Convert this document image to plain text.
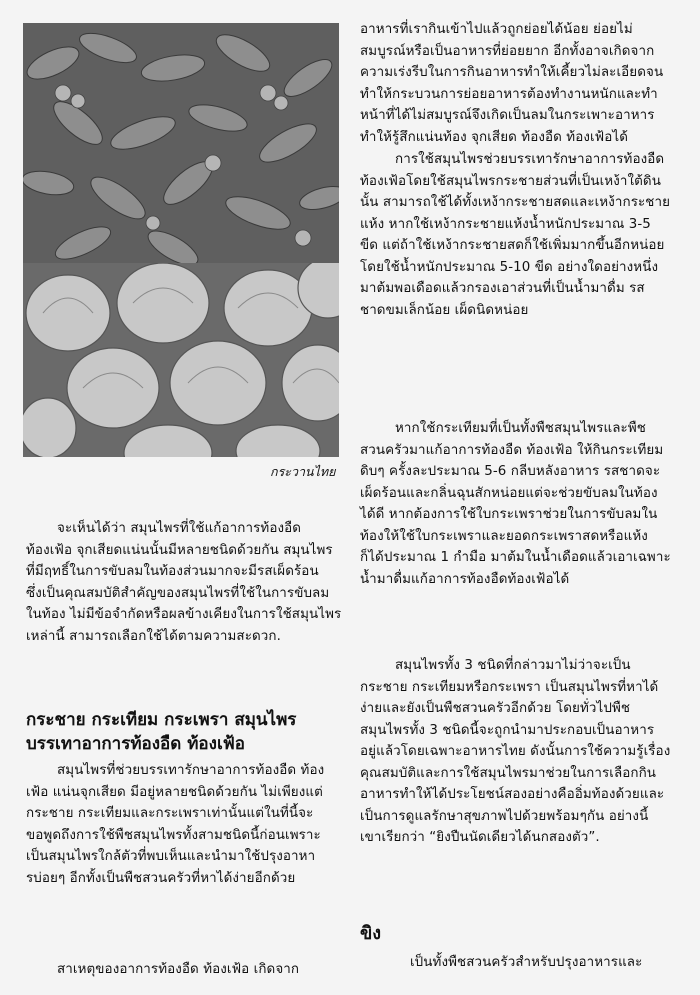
กระวานไทย

จะเห็นได้ว่า สมุนไพรที่ใช้แก้อาการท้องอืด

ท้องเฟ้อ จุกเสียดแน่นนั้นมีหลายชนิดด้วยกัน สมุนไพร

ที่มีฤทธิ์ในการขับลมในท้องส่วนมากจะมีรสเผ็ดร้อน

ซึ่งเป็นคุณสมบัติสำคัญของสมุนไพรที่ใช้ในการขับลม

ในท้อง ไม่มีข้อจำกัดหรือผลข้างเคียงในการใช้สมุนไพร

เหล่านี้ สามารถเลือกใช้ได้ตามความสะดวก.

กระชาย กระเทียม กระเพรา สมุนไพร
บรรเทาอาการท้องอืด ท้องเฟ้อ

สมุนไพรที่ช่วยบรรเทารักษาอาการท้องอืด ท้อง

เฟ้อ แน่นจุกเสียด มีอยู่หลายชนิดด้วยกัน ไม่เพียงแต่

กระชาย กระเทียมและกระเพราเท่านั้นแต่ในที่นี้จะ

ขอพูดถึงการใช้พืชสมุนไพรทั้งสามชนิดนี้ก่อนเพราะ

เป็นสมุนไพรใกล้ตัวที่พบเห็นและนำมาใช้ปรุงอาหา

รบ่อยๆ อีกทั้งเป็นพืชสวนครัวที่หาได้ง่ายอีกด้วย

สาเหตุของอาการท้องอืด ท้องเฟ้อ เกิดจาก

อาหารที่เรากินเข้าไปแล้วถูกย่อยได้น้อย ย่อยไม่

สมบูรณ์หรือเป็นอาหารที่ย่อยยาก อีกทั้งอาจเกิดจาก

ความเร่งรีบในการกินอาหารทำให้เคี้ยวไม่ละเอียดจน

ทำให้กระบวนการย่อยอาหารต้องทำงานหนักและทำ

หน้าที่ได้ไม่สมบูรณ์จึงเกิดเป็นลมในกระเพาะอาหาร

ทำให้รู้สึกแน่นท้อง จุกเสียด ท้องอืด ท้องเฟ้อได้

การใช้สมุนไพรช่วยบรรเทารักษาอาการท้องอืด

ท้องเฟ้อโดยใช้สมุนไพรกระชายส่วนที่เป็นเหง้าใต้ดิน

นั้น สามารถใช้ได้ทั้งเหง้ากระชายสดและเหง้ากระชาย

แห้ง หากใช้เหง้ากระชายแห้งน้ำหนักประมาณ 3-5

ขีด แต่ถ้าใช้เหง้ากระชายสดก็ใช้เพิ่มมากขึ้นอีกหน่อย

โดยใช้น้ำหนักประมาณ 5-10 ขีด อย่างใดอย่างหนึ่ง

มาต้มพอเดือดแล้วกรองเอาส่วนที่เป็นน้ำมาดื่ม รส

ชาดขมเล็กน้อย เผ็ดนิดหน่อย

หากใช้กระเทียมที่เป็นทั้งพืชสมุนไพรและพืช

สวนครัวมาแก้อาการท้องอืด ท้องเฟ้อ ให้กินกระเทียม

ดิบๆ ครั้งละประมาณ 5-6 กลีบหลังอาหาร รสชาดจะ

เผ็ดร้อนและกลิ่นฉุนสักหน่อยแต่จะช่วยขับลมในท้อง

ได้ดี หากต้องการใช้ใบกระเพราช่วยในการขับลมใน

ท้องให้ใช้ใบกระเพราและยอดกระเพราสดหรือแห้ง

ก็ได้ประมาณ 1 กำมือ มาต้มในน้ำเดือดแล้วเอาเฉพาะ

น้ำมาดื่มแก้อาการท้องอืดท้องเฟ้อได้

สมุนไพรทั้ง 3 ชนิดที่กล่าวมาไม่ว่าจะเป็น

กระชาย กระเทียมหรือกระเพรา เป็นสมุนไพรที่หาได้

ง่ายและยังเป็นพืชสวนครัวอีกด้วย โดยทั่วไปพืช

สมุนไพรทั้ง 3 ชนิดนี้จะถูกนำมาประกอบเป็นอาหาร

อยู่แล้วโดยเฉพาะอาหารไทย ดังนั้นการใช้ความรู้เรื่อง

คุณสมบัติและการใช้สมุนไพรมาช่วยในการเลือกกิน

อาหารทำให้ได้ประโยชน์สองอย่างคืออิ่มท้องด้วยและ

เป็นการดูแลรักษาสุขภาพไปด้วยพร้อมๆกัน อย่างนี้

เขาเรียกว่า “ยิงปืนนัดเดียวได้นกสองตัว”.

ขิง

เป็นทั้งพืชสวนครัวสำหรับปรุงอาหารและ
